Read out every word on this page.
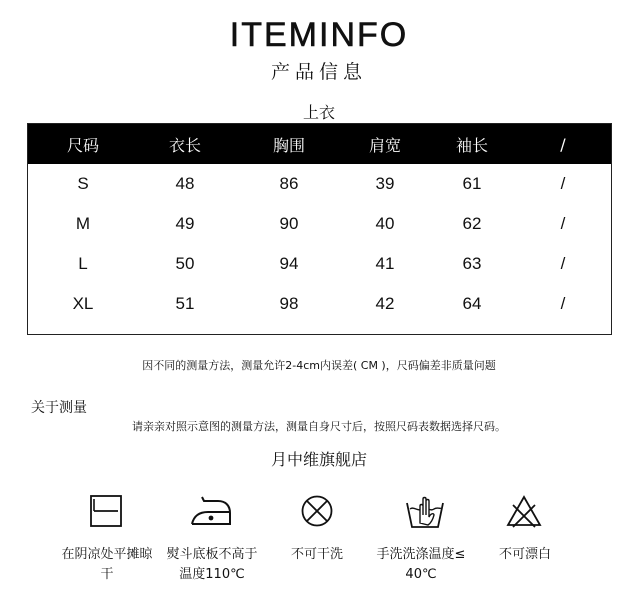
ITEMINFO
产品信息
上衣
尺码	衣长	胸围	肩宽	袖长	/
S	48	86	39	61	/
M	49	90	40	62	/
L	50	94	41	63	/
XL	51	98	42	64	/
因不同的测量方法，测量允许2-4cm内误差( CM )，尺码偏差非质量问题
关于测量
请亲亲对照示意图的测量方法，测量自身尺寸后，按照尺码表数据选择尺码。
月中维旗舰店
在阴凉处平摊晾
干
熨斗底板不高于
温度110℃
不可干洗	手洗洗涤温度≤
40℃
不可漂白
